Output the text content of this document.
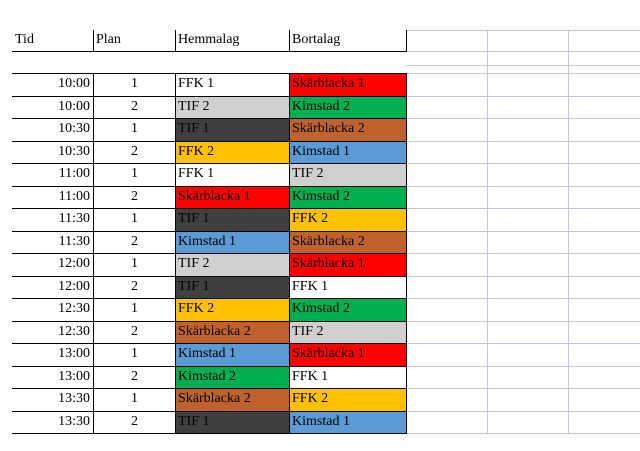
Tid	Plan	Hemmalag	Bortalag
10:00	1	FFK 1	Skärblacka 1
10:00	2	TIF 2	Kimstad 2
10:30	1	TIF 1	Skärblacka 2
10:30	2	FFK 2	Kimstad 1
11:00	1	FFK 1	TIF 2
11:00	2	Skärblacka 1	Kimstad 2
11:30	1	TIF 1	FFK 2
11:30	2	Kimstad 1	Skärblacka 2
12:00	1	TIF 2	Skärblacka 1
12:00	2	TIF 1	FFK 1
12:30	1	FFK 2	Kimstad 2
12:30	2	Skärblacka 2	TIF 2
13:00	1	Kimstad 1	Skärblacka 1
13:00	2	Kimstad 2	FFK 1
13:30	1	Skärblacka 2	FFK 2
13:30	2	TIF 1	Kimstad 1
